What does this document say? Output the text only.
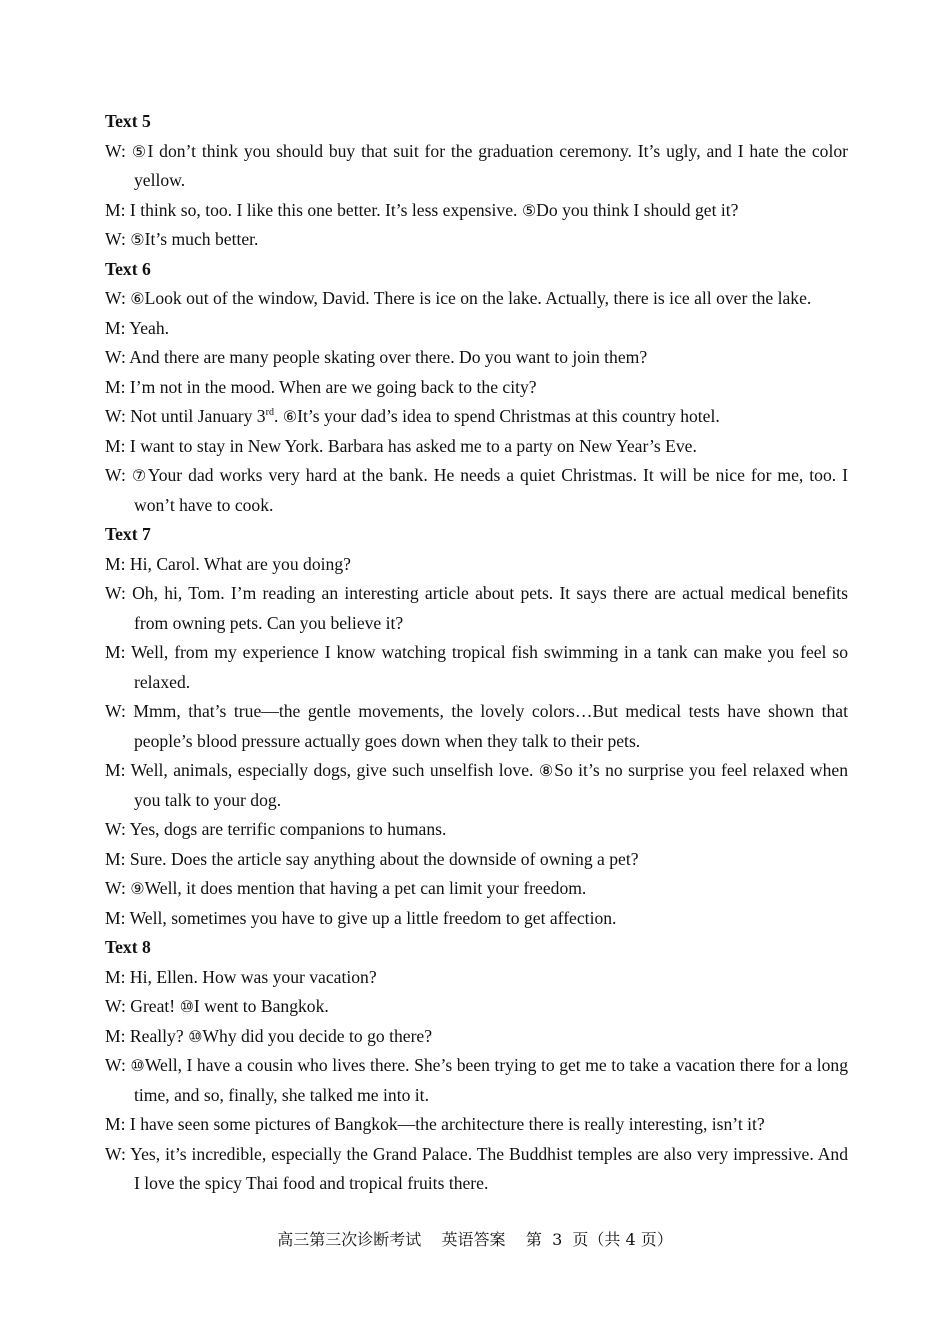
Text 5

W: ⑤I don’t think you should buy that suit for the graduation ceremony. It’s ugly, and I hate the color yellow.

M: I think so, too. I like this one better. It’s less expensive. ⑤Do you think I should get it?

W: ⑤It’s much better.

Text 6

W: ⑥Look out of the window, David. There is ice on the lake. Actually, there is ice all over the lake.

M: Yeah.

W: And there are many people skating over there. Do you want to join them?

M: I’m not in the mood. When are we going back to the city?

W: Not until January 3rd. ⑥It’s your dad’s idea to spend Christmas at this country hotel.

M: I want to stay in New York. Barbara has asked me to a party on New Year’s Eve.

W: ⑦Your dad works very hard at the bank. He needs a quiet Christmas. It will be nice for me, too. I won’t have to cook.

Text 7

M: Hi, Carol. What are you doing?

W: Oh, hi, Tom. I’m reading an interesting article about pets. It says there are actual medical benefits from owning pets. Can you believe it?

M: Well, from my experience I know watching tropical fish swimming in a tank can make you feel so relaxed.

W: Mmm, that’s true—the gentle movements, the lovely colors…But medical tests have shown that people’s blood pressure actually goes down when they talk to their pets.

M: Well, animals, especially dogs, give such unselfish love. ⑧So it’s no surprise you feel relaxed when you talk to your dog.

W: Yes, dogs are terrific companions to humans.

M: Sure. Does the article say anything about the downside of owning a pet?

W: ⑨Well, it does mention that having a pet can limit your freedom.

M: Well, sometimes you have to give up a little freedom to get affection.

Text 8

M: Hi, Ellen. How was your vacation?

W: Great! ⑩I went to Bangkok.

M: Really? ⑩Why did you decide to go there?

W: ⑩Well, I have a cousin who lives there. She’s been trying to get me to take a vacation there for a long time, and so, finally, she talked me into it.

M: I have seen some pictures of Bangkok—the architecture there is really interesting, isn’t it?

W: Yes, it’s incredible, especially the Grand Palace. The Buddhist temples are also very impressive. And I love the spicy Thai food and tropical fruits there.

高三第三次诊断考试    英语答案    第  3  页（共 4 页）
